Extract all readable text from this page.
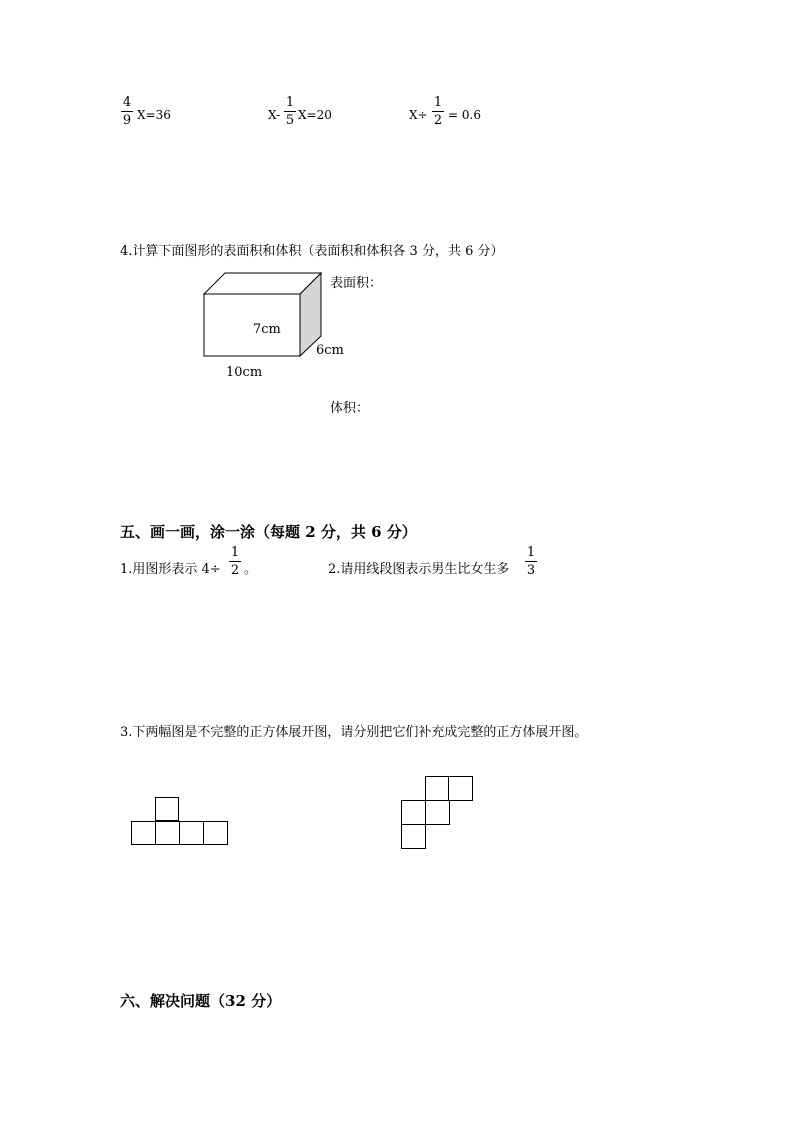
4
9 X=36	X-
1
5 X=20	X÷
1
2 = 0.6
4.计算下面图形的表面积和体积（表面积和体积各 3 分，共 6 分）
表面积：
7cm
6cm
10cm
体积：
五、画一画，涂一涂（每题 2 分，共 6 分）
1.用图形表示 4÷
1
2 。	2.请用线段图表示男生比女生多
1
3
3.下两幅图是不完整的正方体展开图，请分别把它们补充成完整的正方体展开图。
六、解决问题（32 分）
